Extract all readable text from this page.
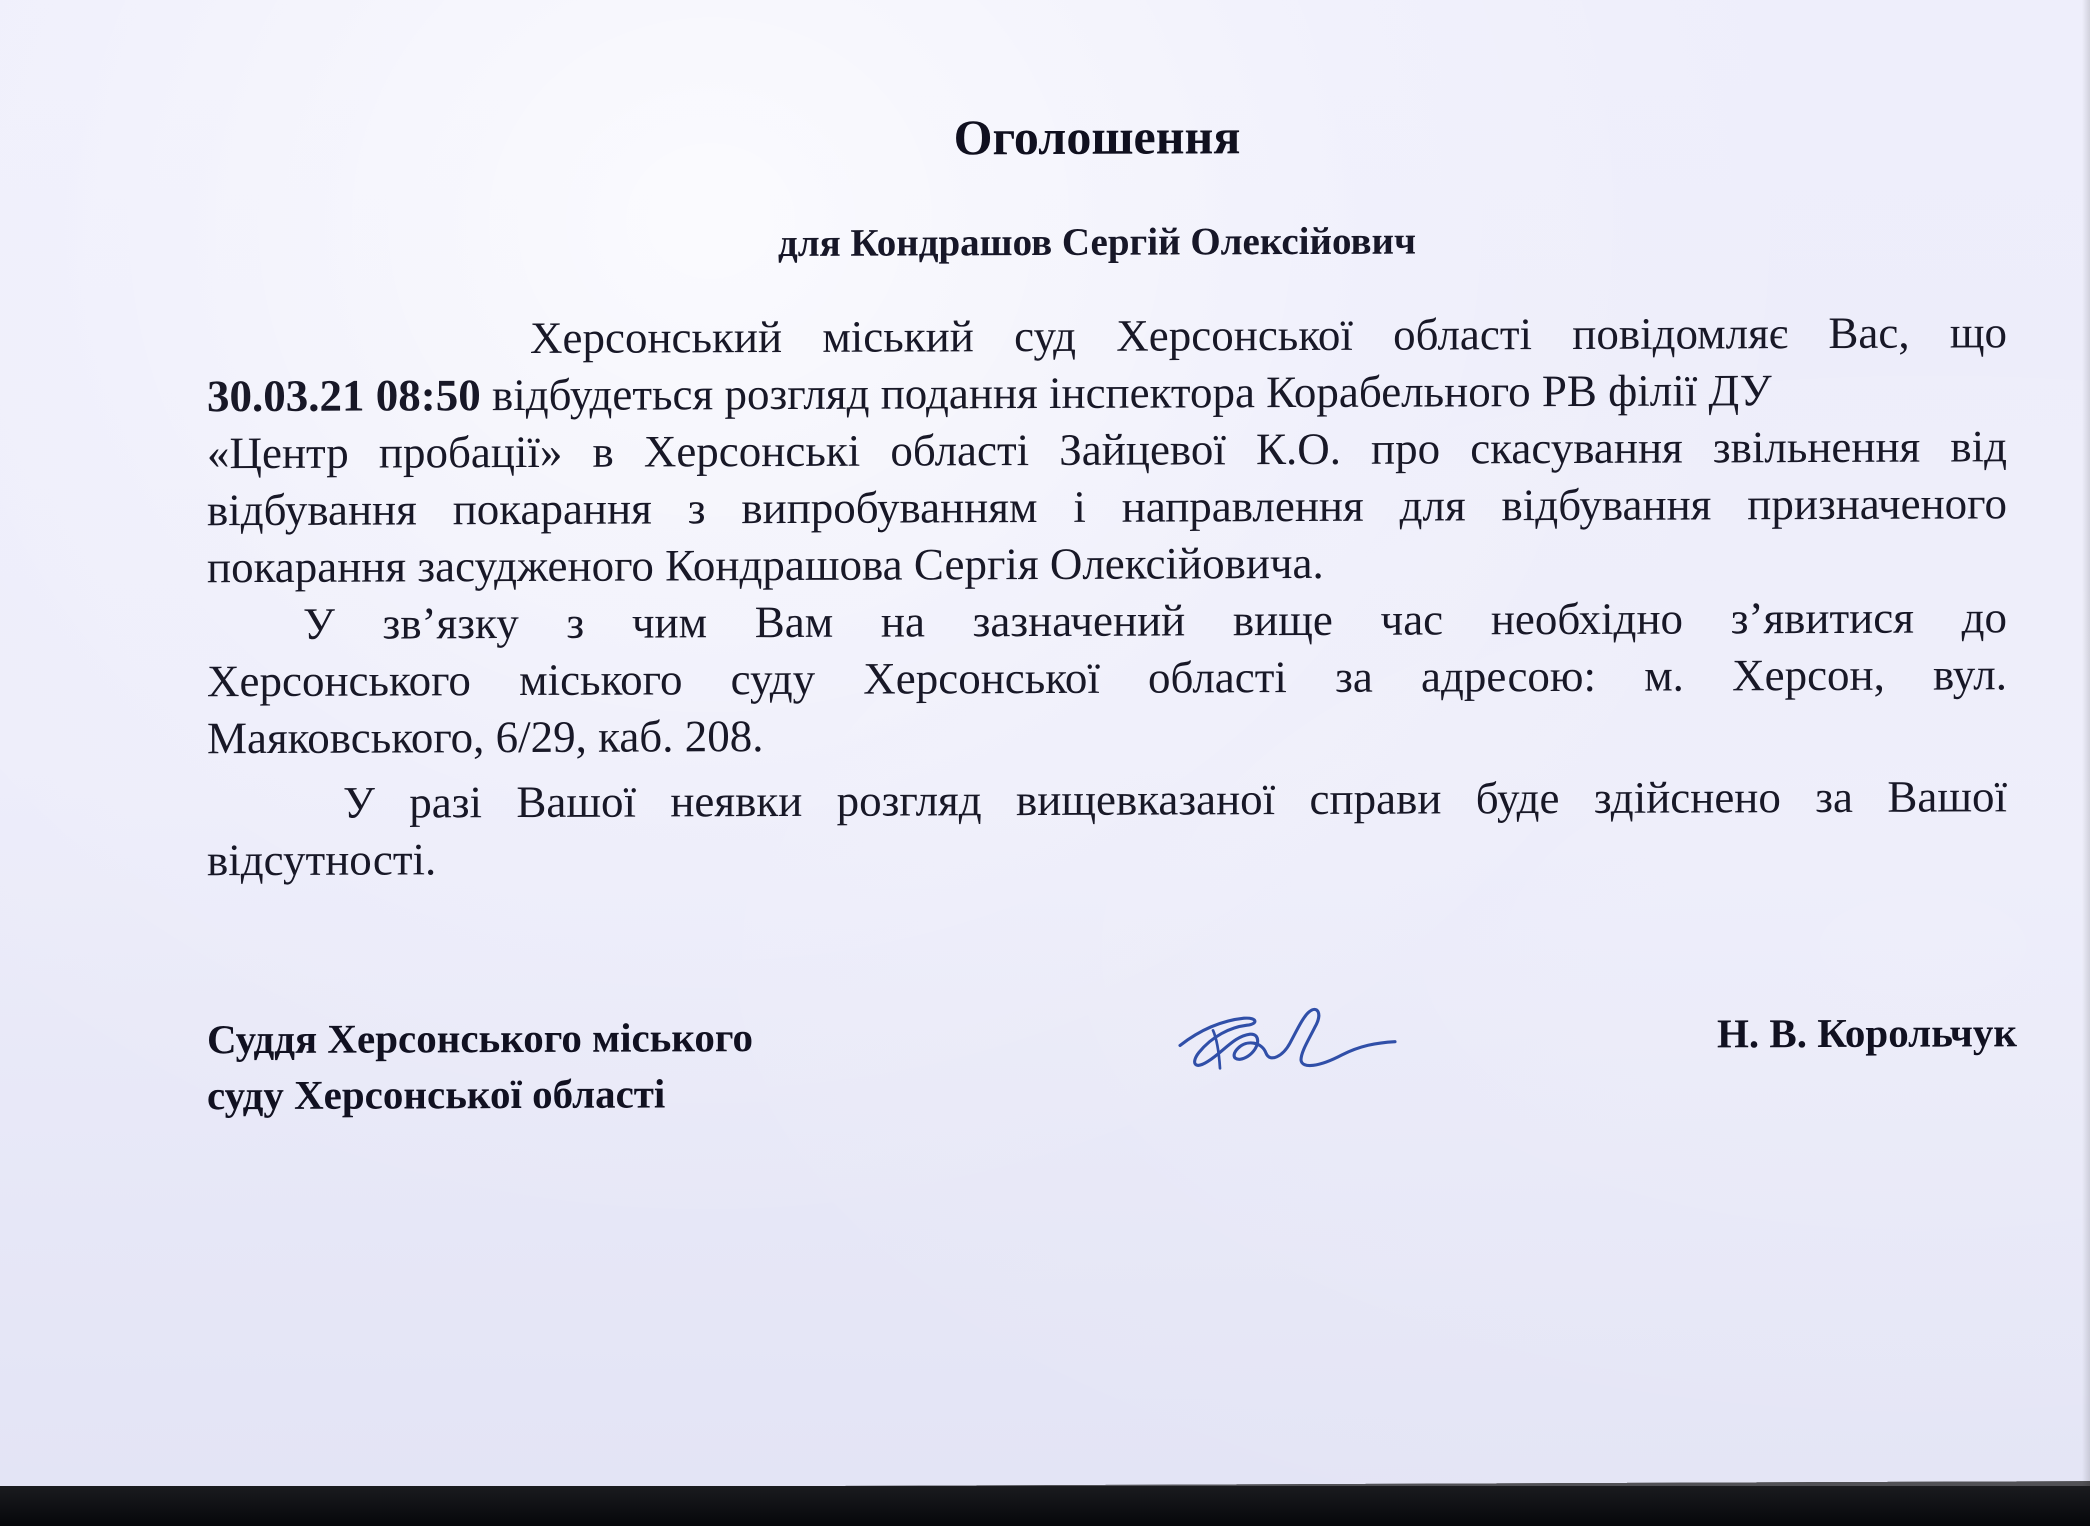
Оголошення
для Кондрашов Сергій Олексійович
Херсонський міський суд Херсонської області повідомляє Вас, що
30.03.21 08:50 відбудеться розгляд подання інспектора Корабельного РВ філії ДУ
«Центр пробації» в Херсонські області Зайцевої К.О. про скасування звільнення від
відбування покарання з випробуванням і направлення для відбування призначеного
покарання засудженого Кондрашова Сергія Олексійовича.
У зв’язку з чим Вам на зазначений вище час необхідно з’явитися до
Херсонського міського суду Херсонської області за адресою: м. Херсон, вул.
Маяковського, 6/29, каб. 208.
У разі Вашої неявки розгляд вищевказаної справи буде здійснено за Вашої
відсутності.
Суддя Херсонського міського
суду Херсонської області
Н. В. Корольчук
